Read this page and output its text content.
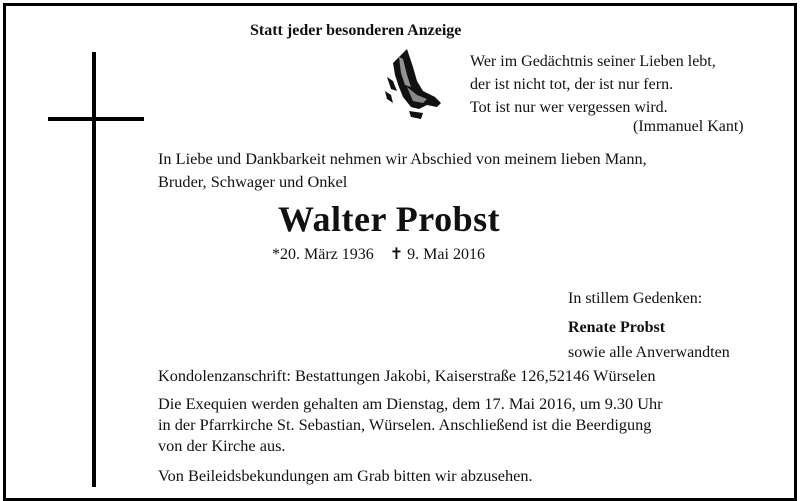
Statt jeder besonderen Anzeige
Wer im Gedächtnis seiner Lieben lebt,
der ist nicht tot, der ist nur fern.
Tot ist nur wer vergessen wird.
(Immanuel Kant)
In Liebe und Dankbarkeit nehmen wir Abschied von meinem lieben Mann,
Bruder, Schwager und Onkel
Walter Probst
*20. März 1936 ✝ 9. Mai 2016
In stillem Gedenken:
Renate Probst
sowie alle Anverwandten
Kondolenzanschrift: Bestattungen Jakobi, Kaiserstraße 126,52146 Würselen
Die Exequien werden gehalten am Dienstag, dem 17. Mai 2016, um 9.30 Uhr
in der Pfarrkirche St. Sebastian, Würselen. Anschließend ist die Beerdigung
von der Kirche aus.
Von Beileidsbekundungen am Grab bitten wir abzusehen.
